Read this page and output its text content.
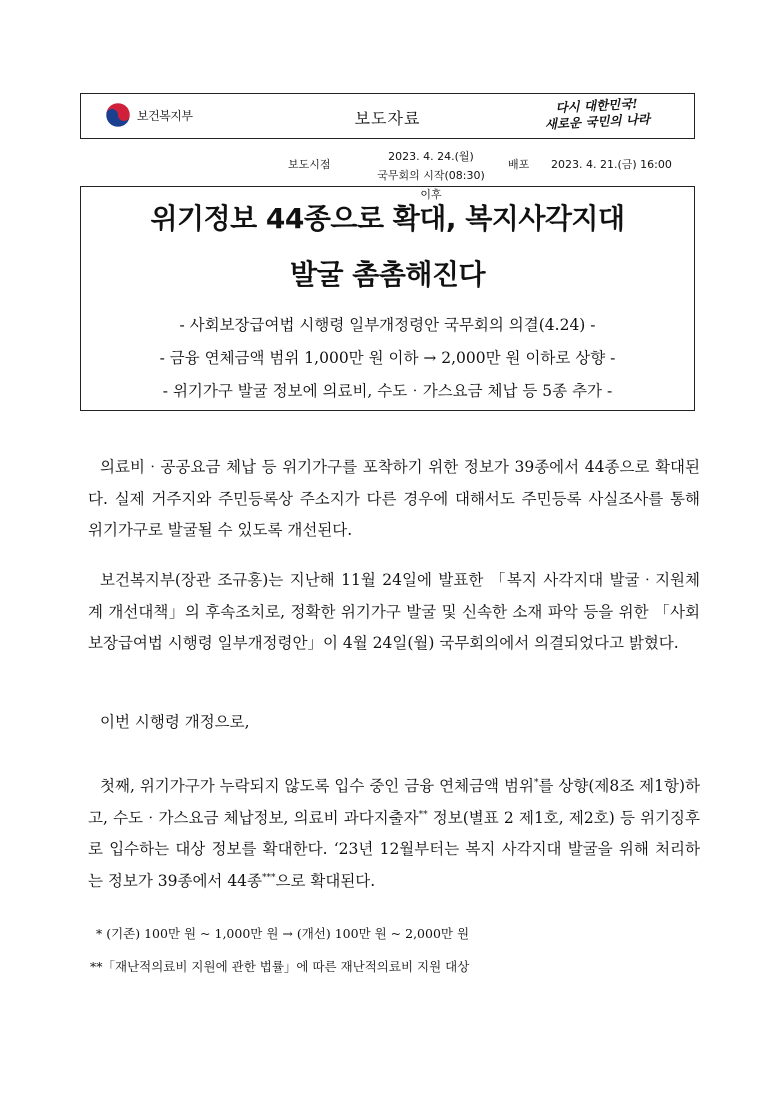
보건복지부	보도자료
다시 대한민국!
새로운 국민의 나라
보도시점
2023. 4. 24.(월)
국무회의 시작(08:30) 이후
배포 2023. 4. 21.(금) 16:00
위기정보 44종으로 확대, 복지사각지대
발굴 촘촘해진다
- 사회보장급여법 시행령 일부개정령안 국무회의 의결(4.24) -
- 금융 연체금액 범위 1,000만 원 이하 → 2,000만 원 이하로 상향 -
- 위기가구 발굴 정보에 의료비, 수도‧가스요금 체납 등 5종 추가 -
의료비‧공공요금 체납 등 위기가구를 포착하기 위한 정보가 39종에서 44종으로 확대된다. 실제 거주지와 주민등록상 주소지가 다른 경우에 대해서도 주민등록 사실조사를 통해 위기가구로 발굴될 수 있도록 개선된다.
보건복지부(장관 조규홍)는 지난해 11월 24일에 발표한 「복지 사각지대 발굴‧지원체계 개선대책」의 후속조치로, 정확한 위기가구 발굴 및 신속한 소재 파악 등을 위한 「사회보장급여법 시행령 일부개정령안」이 4월 24일(월) 국무회의에서 의결되었다고 밝혔다.
이번 시행령 개정으로,
첫째, 위기가구가 누락되지 않도록 입수 중인 금융 연체금액 범위*를 상향(제8조 제1항)하고, 수도‧가스요금 체납정보, 의료비 과다지출자** 정보(별표 2 제1호, 제2호) 등 위기징후로 입수하는 대상 정보를 확대한다. ‘23년 12월부터는 복지 사각지대 발굴을 위해 처리하는 정보가 39종에서 44종***으로 확대된다.
* (기존) 100만 원 ~ 1,000만 원 → (개선) 100만 원 ~ 2,000만 원
**「재난적의료비 지원에 관한 법률」에 따른 재난적의료비 지원 대상
